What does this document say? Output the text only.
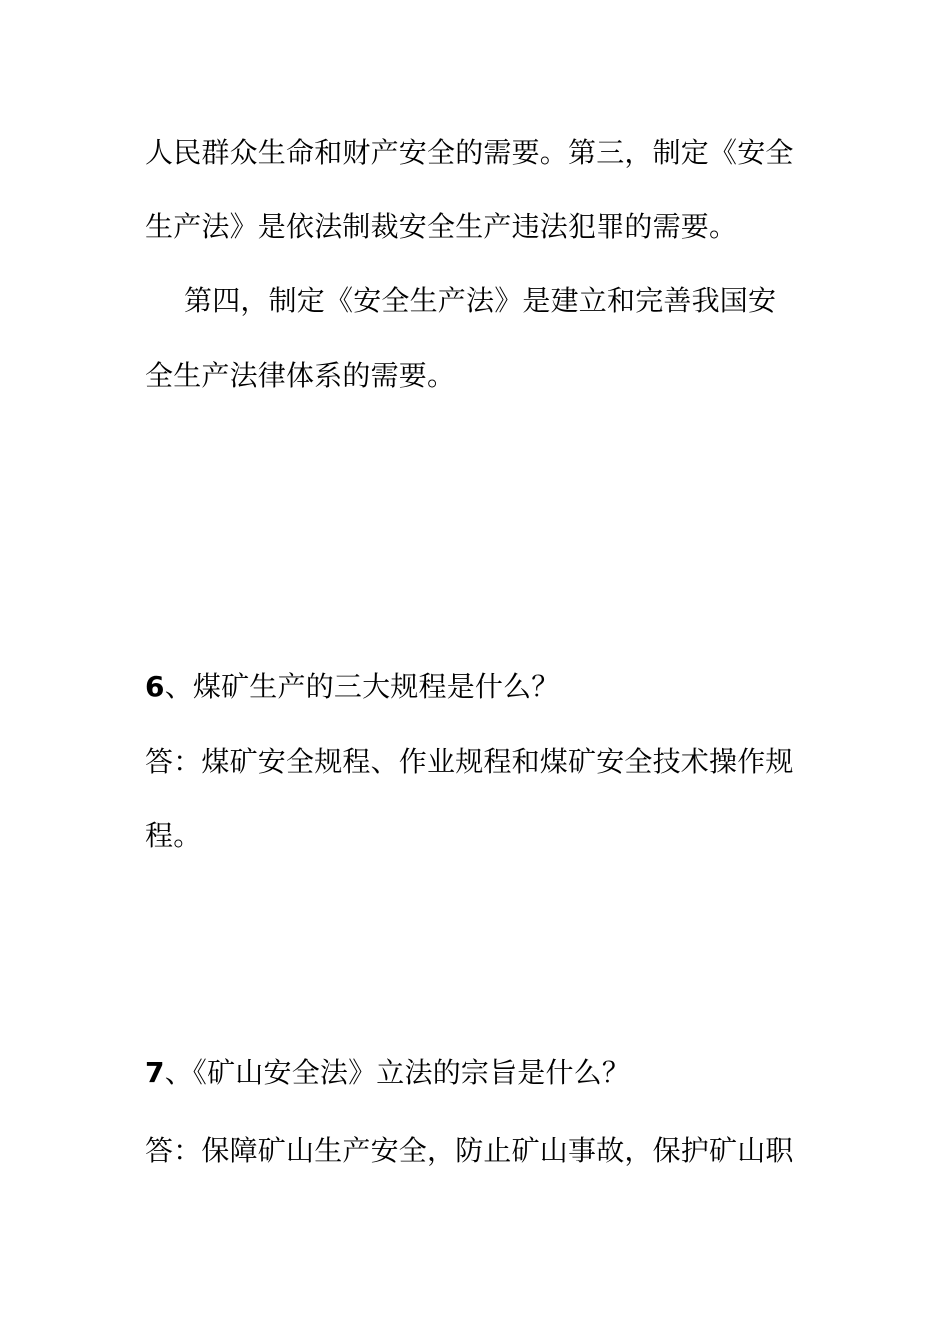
人民群众生命和财产安全的需要。第三，制定《安全
生产法》是依法制裁安全生产违法犯罪的需要。
第四，制定《安全生产法》是建立和完善我国安
全生产法律体系的需要。
6、煤矿生产的三大规程是什么？
答：煤矿安全规程、作业规程和煤矿安全技术操作规
程。
7、《矿山安全法》立法的宗旨是什么？
答：保障矿山生产安全，防止矿山事故，保护矿山职
